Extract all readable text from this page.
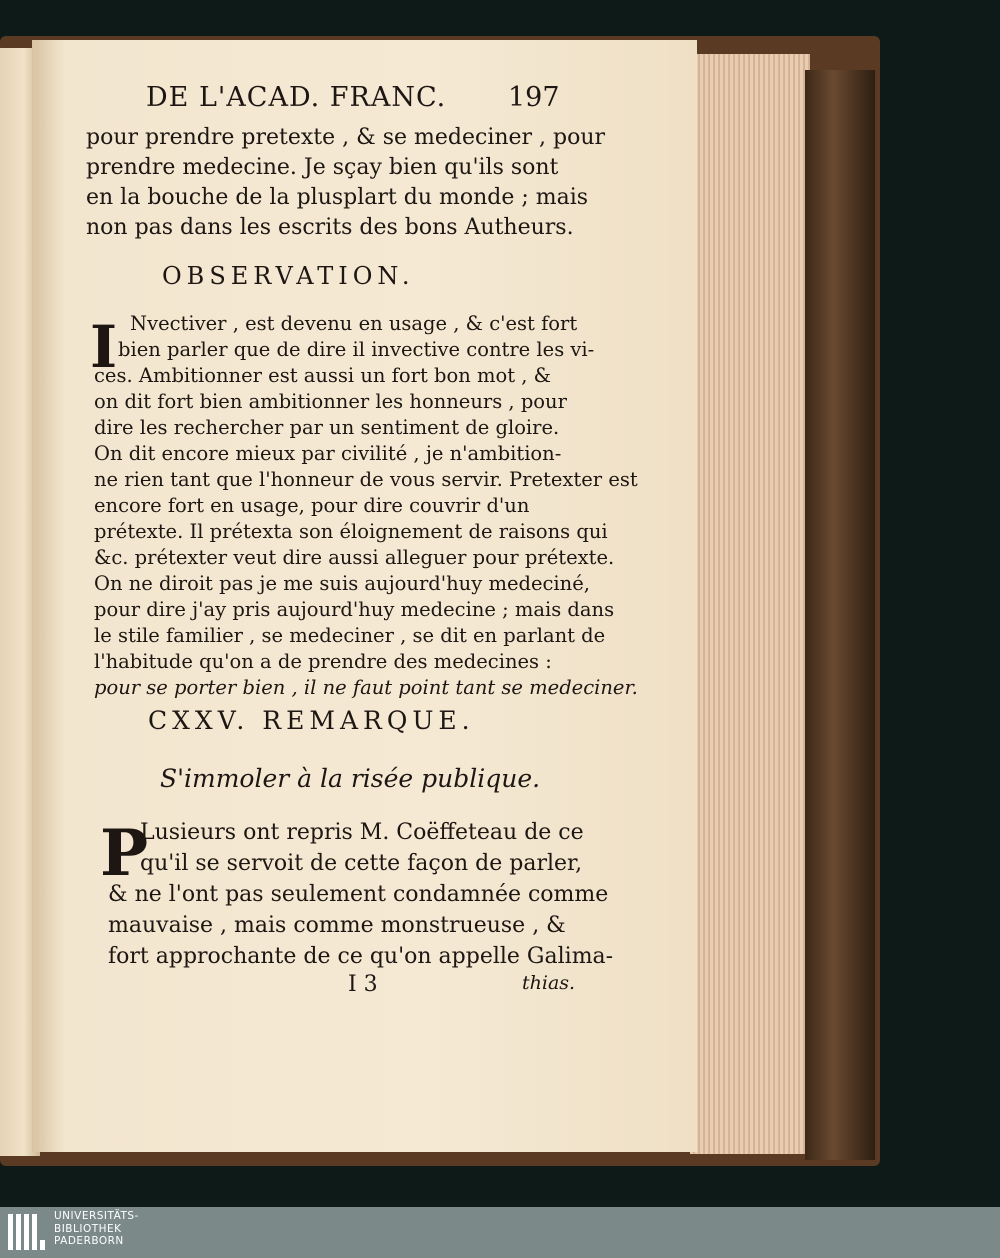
DE L'ACAD. FRANC. 197
pour prendre pretexte , & se medeciner , pour
prendre medecine. Je sçay bien qu'ils sont
en la bouche de la plusplart du monde ; mais
non pas dans les escrits des bons Autheurs.
OBSERVATION.
I Nvectiver , est devenu en usage , & c'est fort
bien parler que de dire il invective contre les vi-
ces. Ambitionner est aussi un fort bon mot , &
on dit fort bien ambitionner les honneurs , pour
dire les rechercher par un sentiment de gloire.
On dit encore mieux par civilité , je n'ambition-
ne rien tant que l'honneur de vous servir. Pretexter est
encore fort en usage, pour dire couvrir d'un
prétexte. Il prétexta son éloignement de raisons qui
&c. prétexter veut dire aussi alleguer pour prétexte.
On ne diroit pas je me suis aujourd'huy medeciné,
pour dire j'ay pris aujourd'huy medecine ; mais dans
le stile familier , se medeciner , se dit en parlant de
l'habitude qu'on a de prendre des medecines :
pour se porter bien , il ne faut point tant se medeciner.
CXXV. REMARQUE.
S'immoler à la risée publique.
P
Lusieurs ont repris M. Coëffeteau de ce
qu'il se servoit de cette façon de parler,
& ne l'ont pas seulement condamnée comme
mauvaise , mais comme monstrueuse , &
fort approchante de ce qu'on appelle Galima-
I 3	thias.
UNIVERSITÄTS-
BIBLIOTHEK
PADERBORN
